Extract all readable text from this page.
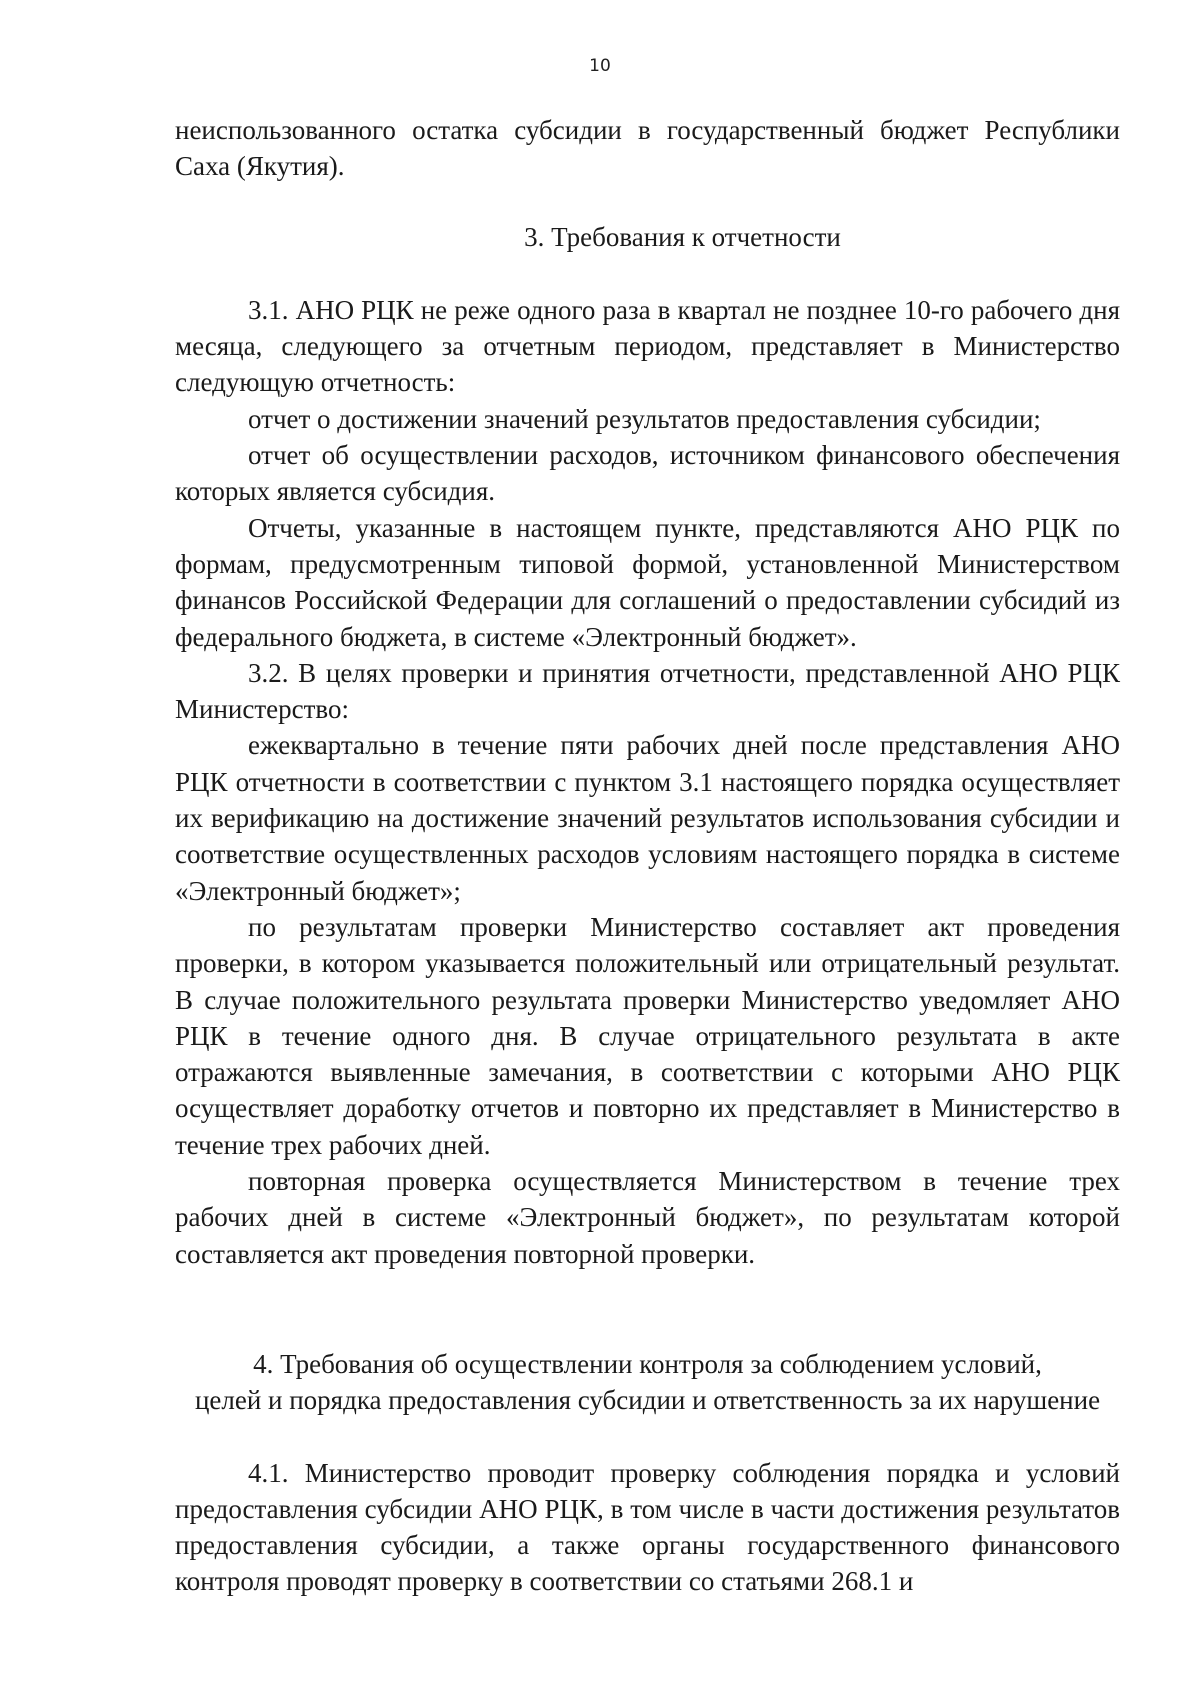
10

неиспользованного остатка субсидии в государственный бюджет Республики Саха (Якутия).

3. Требования к отчетности

3.1. АНО РЦК не реже одного раза в квартал не позднее 10-го рабочего дня месяца, следующего за отчетным периодом, представляет в Министерство следующую отчетность:

отчет о достижении значений результатов предоставления субсидии;

отчет об осуществлении расходов, источником финансового обеспечения которых является субсидия.

Отчеты, указанные в настоящем пункте, представляются АНО РЦК по формам, предусмотренным типовой формой, установленной Министерством финансов Российской Федерации для соглашений о предоставлении субсидий из федерального бюджета, в системе «Электронный бюджет».

3.2. В целях проверки и принятия отчетности, представленной АНО РЦК Министерство:

ежеквартально в течение пяти рабочих дней после представления АНО РЦК отчетности в соответствии с пунктом 3.1 настоящего порядка осуществляет их верификацию на достижение значений результатов использования субсидии и соответствие осуществленных расходов условиям настоящего порядка в системе «Электронный бюджет»;

по результатам проверки Министерство составляет акт проведения проверки, в котором указывается положительный или отрицательный результат. В случае положительного результата проверки Министерство уведомляет АНО РЦК в течение одного дня. В случае отрицательного результата в акте отражаются выявленные замечания, в соответствии с которыми АНО РЦК осуществляет доработку отчетов и повторно их представляет в Министерство в течение трех рабочих дней.

повторная проверка осуществляется Министерством в течение трех рабочих дней в системе «Электронный бюджет», по результатам которой составляется акт проведения повторной проверки.

4. Требования об осуществлении контроля за соблюдением условий,
целей и порядка предоставления субсидии и ответственность за их нарушение

4.1. Министерство проводит проверку соблюдения порядка и условий предоставления субсидии АНО РЦК, в том числе в части достижения результатов предоставления субсидии, а также органы государственного финансового контроля проводят проверку в соответствии со статьями 268.1 и
